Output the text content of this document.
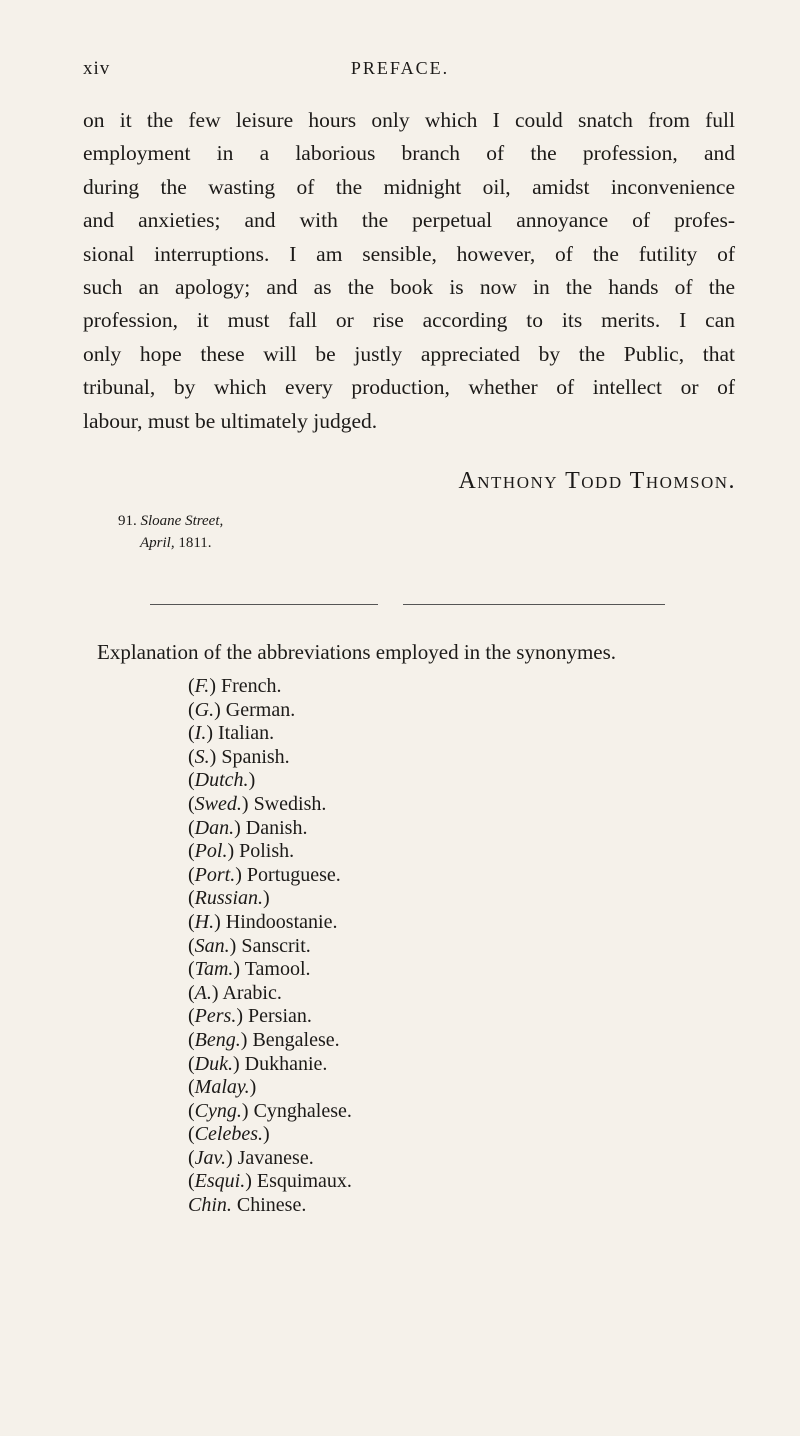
xiv	PREFACE.
on it the few leisure hours only which I could snatch from full
employment in a laborious branch of the profession, and
during the wasting of the midnight oil, amidst inconvenience
and anxieties; and with the perpetual annoyance of profes-
sional interruptions. I am sensible, however, of the futility of
such an apology; and as the book is now in the hands of the
profession, it must fall or rise according to its merits. I can
only hope these will be justly appreciated by the Public, that
tribunal, by which every production, whether of intellect or of
labour, must be ultimately judged.
Anthony Todd Thomson.
91. Sloane Street,
April, 1811.
Explanation of the abbreviations employed in the synonymes.
(F.) French.
(G.) German.
(I.) Italian.
(S.) Spanish.
(Dutch.)
(Swed.) Swedish.
(Dan.) Danish.
(Pol.) Polish.
(Port.) Portuguese.
(Russian.)
(H.) Hindoostanie.
(San.) Sanscrit.
(Tam.) Tamool.
(A.) Arabic.
(Pers.) Persian.
(Beng.) Bengalese.
(Duk.) Dukhanie.
(Malay.)
(Cyng.) Cynghalese.
(Celebes.)
(Jav.) Javanese.
(Esqui.) Esquimaux.
Chin. Chinese.
